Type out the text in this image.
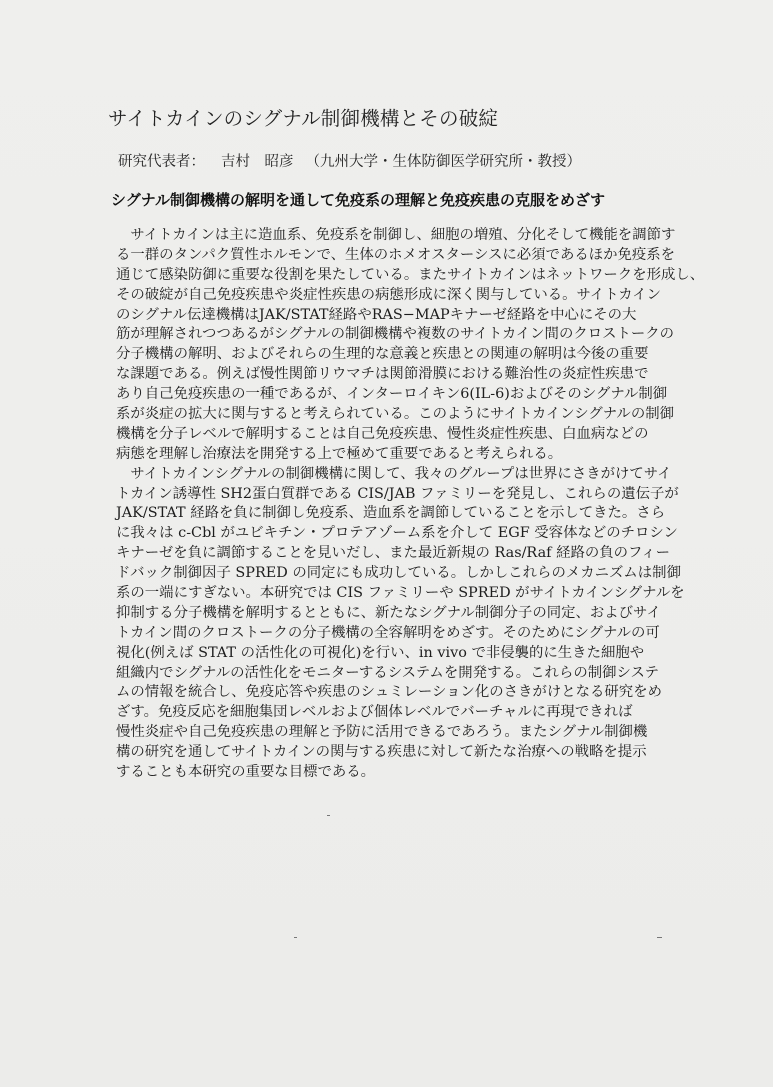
サイトカインのシグナル制御機構とその破綻
研究代表者： 吉村　昭彦 （九州大学・生体防御医学研究所・教授）
シグナル制御機構の解明を通して免疫系の理解と免疫疾患の克服をめざす
　サイトカインは主に造血系、免疫系を制御し、細胞の増殖、分化そして機能を調節す
る一群のタンパク質性ホルモンで、生体のホメオスターシスに必須であるほか免疫系を
通じて感染防御に重要な役割を果たしている。またサイトカインはネットワークを形成し、
その破綻が自己免疫疾患や炎症性疾患の病態形成に深く関与している。サイトカイン
のシグナル伝達機構はJAK/STAT経路やRAS−MAPキナーゼ経路を中心にその大
筋が理解されつつあるがシグナルの制御機構や複数のサイトカイン間のクロストークの
分子機構の解明、およびそれらの生理的な意義と疾患との関連の解明は今後の重要
な課題である。例えば慢性関節リウマチは関節滑膜における難治性の炎症性疾患で
あり自己免疫疾患の一種であるが、インターロイキン6(IL-6)およびそのシグナル制御
系が炎症の拡大に関与すると考えられている。このようにサイトカインシグナルの制御
機構を分子レベルで解明することは自己免疫疾患、慢性炎症性疾患、白血病などの
病態を理解し治療法を開発する上で極めて重要であると考えられる。
　サイトカインシグナルの制御機構に関して、我々のグループは世界にさきがけてサイ
トカイン誘導性 SH2蛋白質群である CIS/JAB ファミリーを発見し、これらの遺伝子が
JAK/STAT 経路を負に制御し免疫系、造血系を調節していることを示してきた。さら
に我々は c-Cbl がユビキチン・プロテアゾーム系を介して EGF 受容体などのチロシン
キナーゼを負に調節することを見いだし、また最近新規の Ras/Raf 経路の負のフィー
ドバック制御因子 SPRED の同定にも成功している。しかしこれらのメカニズムは制御
系の一端にすぎない。本研究では CIS ファミリーや SPRED がサイトカインシグナルを
抑制する分子機構を解明するとともに、新たなシグナル制御分子の同定、およびサイ
トカイン間のクロストークの分子機構の全容解明をめざす。そのためにシグナルの可
視化(例えば STAT の活性化の可視化)を行い、in vivo で非侵襲的に生きた細胞や
組織内でシグナルの活性化をモニターするシステムを開発する。これらの制御システ
ムの情報を統合し、免疫応答や疾患のシュミレーション化のさきがけとなる研究をめ
ざす。免疫反応を細胞集団レベルおよび個体レベルでバーチャルに再現できれば
慢性炎症や自己免疫疾患の理解と予防に活用できるであろう。またシグナル制御機
構の研究を通してサイトカインの関与する疾患に対して新たな治療への戦略を提示
することも本研究の重要な目標である。
